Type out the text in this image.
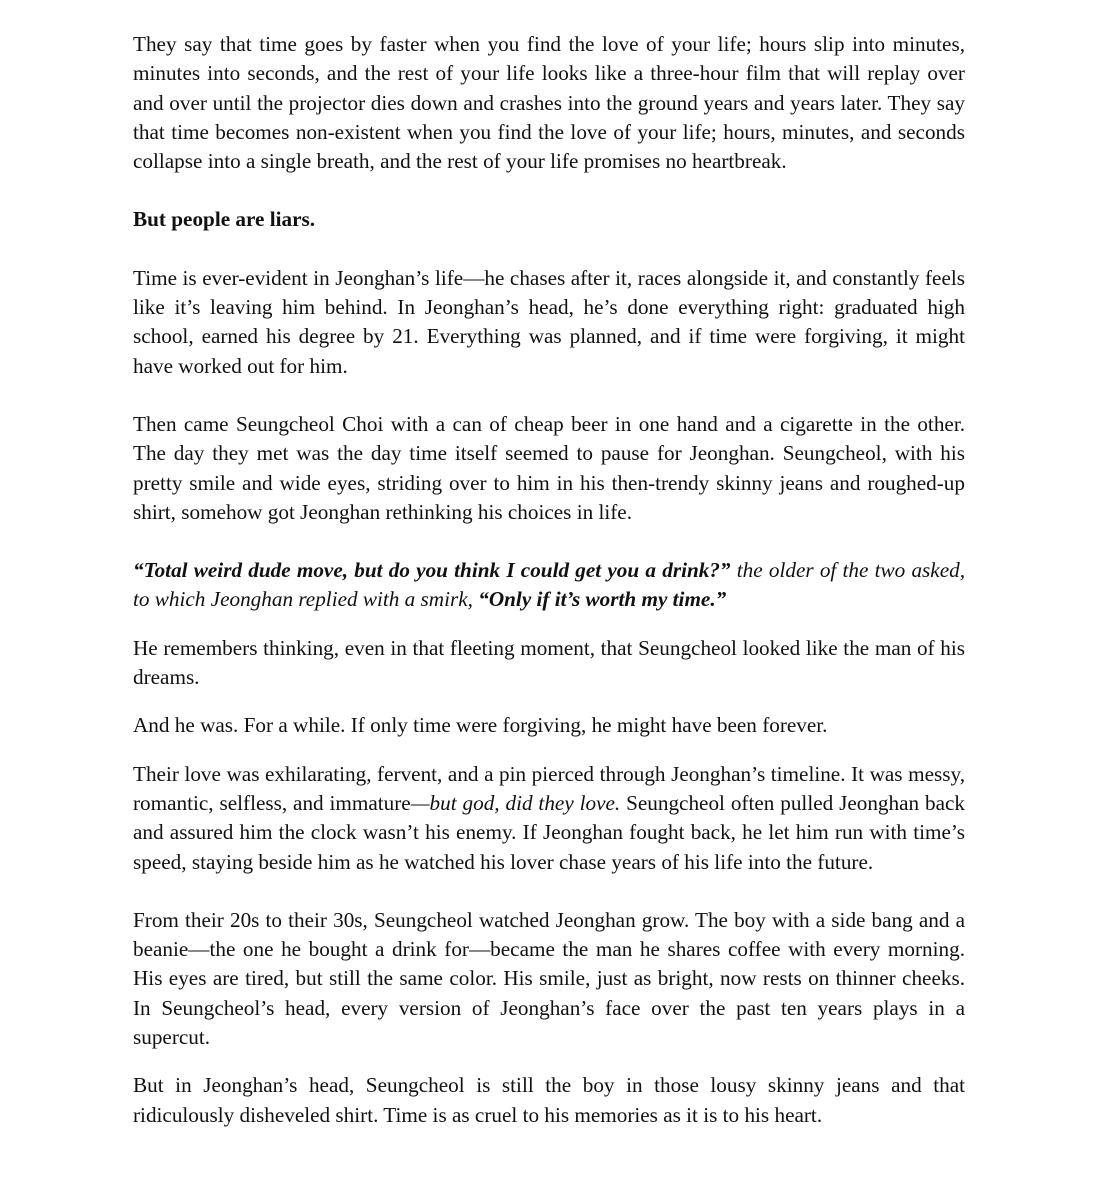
They say that time goes by faster when you find the love of your life; hours slip into minutes, minutes into seconds, and the rest of your life looks like a three-hour film that will replay over and over until the projector dies down and crashes into the ground years and years later. They say that time becomes non-existent when you find the love of your life; hours, minutes, and seconds collapse into a single breath, and the rest of your life promises no heartbreak.

But people are liars.

Time is ever-evident in Jeonghan’s life—he chases after it, races alongside it, and constantly feels like it’s leaving him behind. In Jeonghan’s head, he’s done everything right: graduated high school, earned his degree by 21. Everything was planned, and if time were forgiving, it might have worked out for him.

Then came Seungcheol Choi with a can of cheap beer in one hand and a cigarette in the other. The day they met was the day time itself seemed to pause for Jeonghan. Seungcheol, with his pretty smile and wide eyes, striding over to him in his then-trendy skinny jeans and roughed-up shirt, somehow got Jeonghan rethinking his choices in life.

“Total weird dude move, but do you think I could get you a drink?” the older of the two asked, to which Jeonghan replied with a smirk, “Only if it’s worth my time.”

He remembers thinking, even in that fleeting moment, that Seungcheol looked like the man of his dreams.

And he was. For a while. If only time were forgiving, he might have been forever.

Their love was exhilarating, fervent, and a pin pierced through Jeonghan’s timeline. It was messy, romantic, selfless, and immature—but god, did they love. Seungcheol often pulled Jeonghan back and assured him the clock wasn’t his enemy. If Jeonghan fought back, he let him run with time’s speed, staying beside him as he watched his lover chase years of his life into the future.

From their 20s to their 30s, Seungcheol watched Jeonghan grow. The boy with a side bang and a beanie—the one he bought a drink for—became the man he shares coffee with every morning. His eyes are tired, but still the same color. His smile, just as bright, now rests on thinner cheeks. In Seungcheol’s head, every version of Jeonghan’s face over the past ten years plays in a supercut.

But in Jeonghan’s head, Seungcheol is still the boy in those lousy skinny jeans and that ridiculously disheveled shirt. Time is as cruel to his memories as it is to his heart.
